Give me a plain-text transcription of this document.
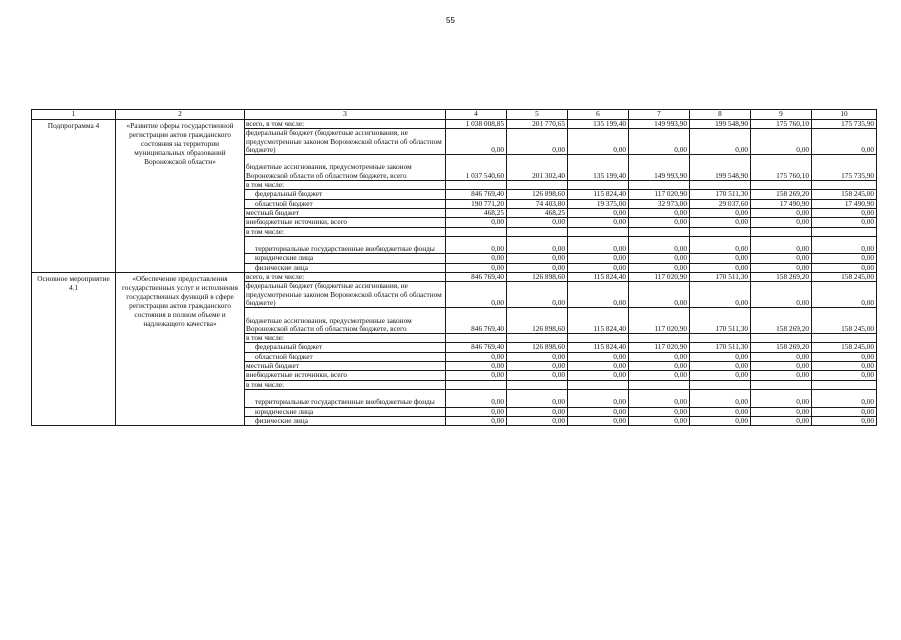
55
1	2	3	4	5	6	7	8	9	10
Подпрограмма 4	«Развитие сферы государственной регистрации актов гражданского состояния на территории муниципальных образований Воронежской области»	всего, в том числе:	1 038 008,85	201 770,65	135 199,40	149 993,90	199 548,90	175 760,10	175 735,90
		федеральный бюджет (бюджетные ассигнования, не предусмотренные законом Воронежской области об областном бюджете)	0,00	0,00	0,00	0,00	0,00	0,00	0,00
		бюджетные ассигнования, предусмотренные законом Воронежской области об областном бюджете, всего	1 037 540,60	201 302,40	135 199,40	149 993,90	199 548,90	175 760,10	175 735,90
		в том числе:							
		федеральный бюджет	846 769,40	126 898,60	115 824,40	117 020,90	170 511,30	158 269,20	158 245,00
		областной бюджет	190 771,20	74 403,80	19 375,00	32 973,00	29 037,60	17 490,90	17 490,90
		местный бюджет	468,25	468,25	0,00	0,00	0,00	0,00	0,00
		внебюджетные источники, всего	0,00	0,00	0,00	0,00	0,00	0,00	0,00
		в том числе:							
		территориальные государственные внебюджетные фонды	0,00	0,00	0,00	0,00	0,00	0,00	0,00
		юридические лица	0,00	0,00	0,00	0,00	0,00	0,00	0,00
		физические лица	0,00	0,00	0,00	0,00	0,00	0,00	0,00
Основное мероприятие 4.1	«Обеспечение предоставления государственных услуг и исполнения государственных функций в сфере регистрации актов гражданского состояния в полном объеме и надлежащего качества»	всего, в том числе:	846 769,40	126 898,60	115 824,40	117 020,90	170 511,30	158 269,20	158 245,00
		федеральный бюджет (бюджетные ассигнования, не предусмотренные законом Воронежской области об областном бюджете)	0,00	0,00	0,00	0,00	0,00	0,00	0,00
		бюджетные ассигнования, предусмотренные законом Воронежской области об областном бюджете, всего	846 769,40	126 898,60	115 824,40	117 020,90	170 511,30	158 269,20	158 245,00
		в том числе:							
		федеральный бюджет	846 769,40	126 898,60	115 824,40	117 020,90	170 511,30	158 269,20	158 245,00
		областной бюджет	0,00	0,00	0,00	0,00	0,00	0,00	0,00
		местный бюджет	0,00	0,00	0,00	0,00	0,00	0,00	0,00
		внебюджетные источники, всего	0,00	0,00	0,00	0,00	0,00	0,00	0,00
		в том числе:							
		территориальные государственные внебюджетные фонды	0,00	0,00	0,00	0,00	0,00	0,00	0,00
		юридические лица	0,00	0,00	0,00	0,00	0,00	0,00	0,00
		физические лица	0,00	0,00	0,00	0,00	0,00	0,00	0,00
